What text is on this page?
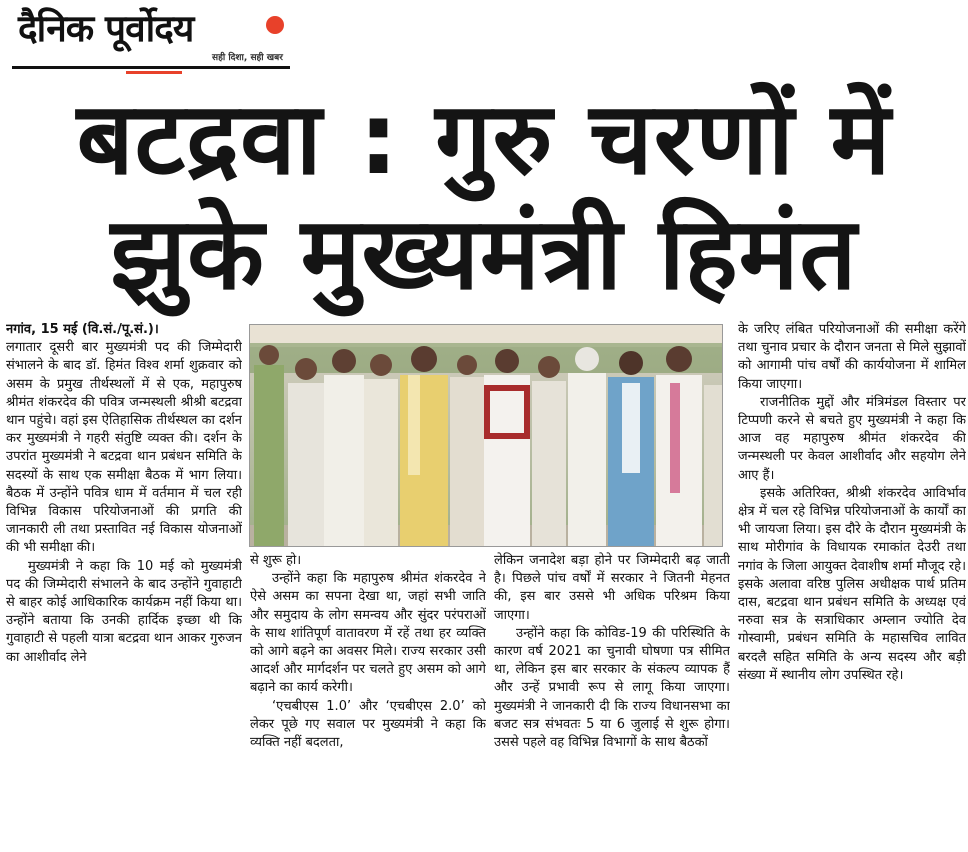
दैनिक पूर्वोदय
सही दिशा, सही खबर
बटद्रवा : गुरु चरणों में
झुके मुख्यमंत्री हिमंत

नगांव, 15 मई (वि.सं./पू.सं.)।

लगातार दूसरी बार मुख्यमंत्री पद की जिम्मेदारी संभालने के बाद डॉ. हिमंत विश्व शर्मा शुक्रवार को असम के प्रमुख तीर्थस्थलों में से एक, महापुरुष श्रीमंत शंकरदेव की पवित्र जन्मस्थली श्रीश्री बटद्रवा थान पहुंचे। वहां इस ऐतिहासिक तीर्थस्थल का दर्शन कर मुख्यमंत्री ने गहरी संतुष्टि व्यक्त की। दर्शन के उपरांत मुख्यमंत्री ने बटद्रवा थान प्रबंधन समिति के सदस्यों के साथ एक समीक्षा बैठक में भाग लिया। बैठक में उन्होंने पवित्र धाम में वर्तमान में चल रही विभिन्न विकास परियोजनाओं की प्रगति की जानकारी ली तथा प्रस्तावित नई विकास योजनाओं की भी समीक्षा की।

मुख्यमंत्री ने कहा कि 10 मई को मुख्यमंत्री पद की जिम्मेदारी संभालने के बाद उन्होंने गुवाहाटी से बाहर कोई आधिकारिक कार्यक्रम नहीं किया था। उन्होंने बताया कि उनकी हार्दिक इच्छा थी कि गुवाहाटी से पहली यात्रा बटद्रवा थान आकर गुरुजन का आशीर्वाद लेने

से शुरू हो।

उन्होंने कहा कि महापुरुष श्रीमंत शंकरदेव ने ऐसे असम का सपना देखा था, जहां सभी जाति और समुदाय के लोग समन्वय और सुंदर परंपराओं के साथ शांतिपूर्ण वातावरण में रहें तथा हर व्यक्ति को आगे बढ़ने का अवसर मिले। राज्य सरकार उसी आदर्श और मार्गदर्शन पर चलते हुए असम को आगे बढ़ाने का कार्य करेगी।

‘एचबीएस 1.0’ और ‘एचबीएस 2.0’ को लेकर पूछे गए सवाल पर मुख्यमंत्री ने कहा कि व्यक्ति नहीं बदलता,

लेकिन जनादेश बड़ा होने पर जिम्मेदारी बढ़ जाती है। पिछले पांच वर्षों में सरकार ने जितनी मेहनत की, इस बार उससे भी अधिक परिश्रम किया जाएगा।

उन्होंने कहा कि कोविड-19 की परिस्थिति के कारण वर्ष 2021 का चुनावी घोषणा पत्र सीमित था, लेकिन इस बार सरकार के संकल्प व्यापक हैं और उन्हें प्रभावी रूप से लागू किया जाएगा। मुख्यमंत्री ने जानकारी दी कि राज्य विधानसभा का बजट सत्र संभवतः 5 या 6 जुलाई से शुरू होगा। उससे पहले वह विभिन्न विभागों के साथ बैठकों

के जरिए लंबित परियोजनाओं की समीक्षा करेंगे तथा चुनाव प्रचार के दौरान जनता से मिले सुझावों को आगामी पांच वर्षों की कार्ययोजना में शामिल किया जाएगा।

राजनीतिक मुद्दों और मंत्रिमंडल विस्तार पर टिप्पणी करने से बचते हुए मुख्यमंत्री ने कहा कि आज वह महापुरुष श्रीमंत शंकरदेव की जन्मस्थली पर केवल आशीर्वाद और सहयोग लेने आए हैं।

इसके अतिरिक्त, श्रीश्री शंकरदेव आविर्भाव क्षेत्र में चल रहे विभिन्न परियोजनाओं के कार्यों का भी जायजा लिया। इस दौरे के दौरान मुख्यमंत्री के साथ मोरीगांव के विधायक रमाकांत देउरी तथा नगांव के जिला आयुक्त देवाशीष शर्मा मौजूद रहे। इसके अलावा वरिष्ठ पुलिस अधीक्षक पार्थ प्रतिम दास, बटद्रवा थान प्रबंधन समिति के अध्यक्ष एवं नरुवा सत्र के सत्राधिकार अम्लान ज्योति देव गोस्वामी, प्रबंधन समिति के महासचिव लावित बरदलै सहित समिति के अन्य सदस्य और बड़ी संख्या में स्थानीय लोग उपस्थित रहे।
